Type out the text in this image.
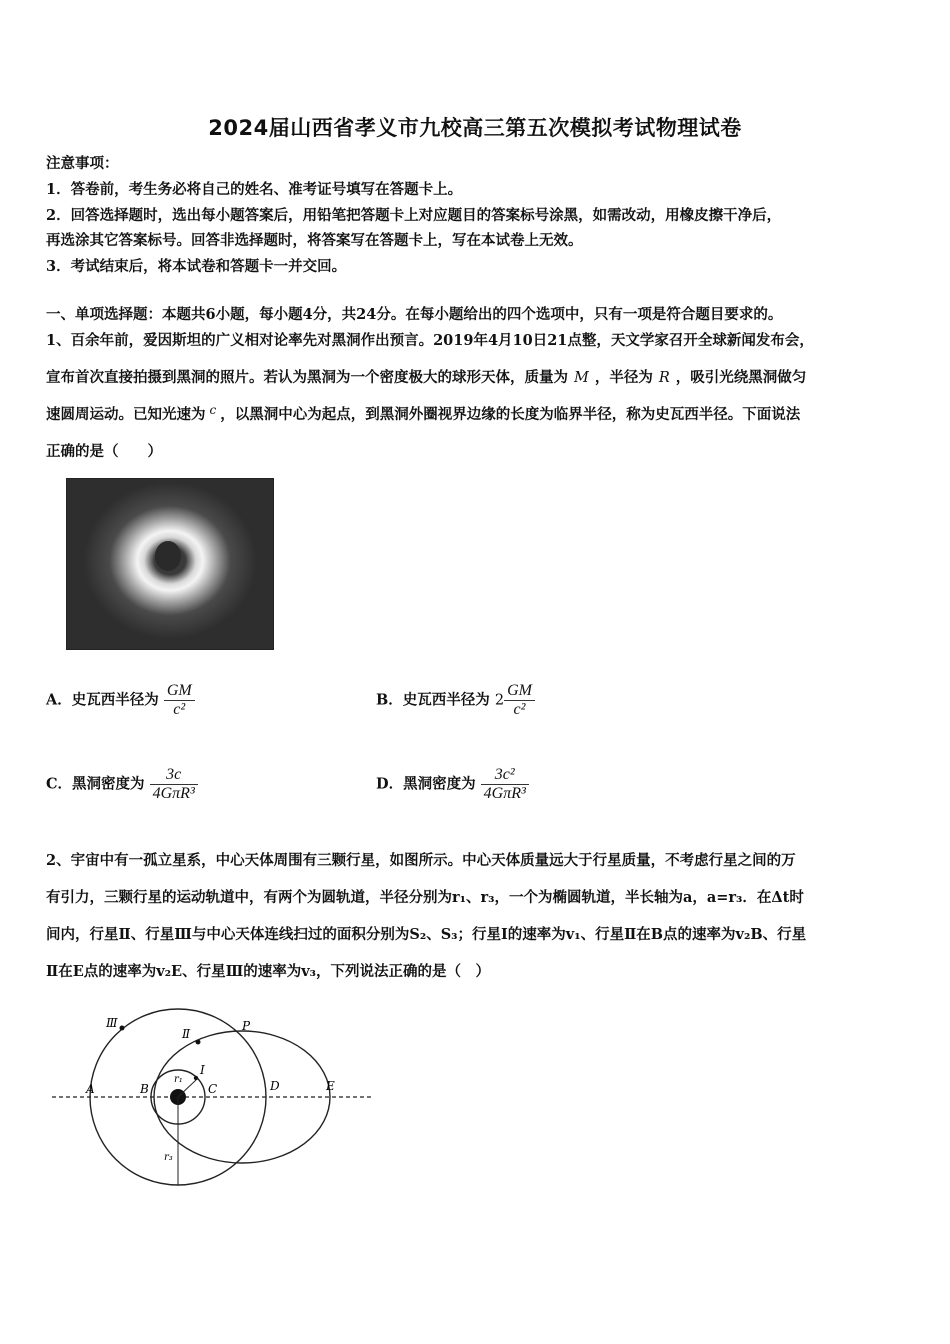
2024届山西省孝义市九校高三第五次模拟考试物理试卷
注意事项：
1．答卷前，考生务必将自己的姓名、准考证号填写在答题卡上。
2．回答选择题时，选出每小题答案后，用铅笔把答题卡上对应题目的答案标号涂黑，如需改动，用橡皮擦干净后，
再选涂其它答案标号。回答非选择题时，将答案写在答题卡上，写在本试卷上无效。
3．考试结束后，将本试卷和答题卡一并交回。
一、单项选择题：本题共6小题，每小题4分，共24分。在每小题给出的四个选项中，只有一项是符合题目要求的。
1、百余年前，爱因斯坦的广义相对论率先对黑洞作出预言。2019年4月10日21点整，天文学家召开全球新闻发布会，
宣布首次直接拍摄到黑洞的照片。若认为黑洞为一个密度极大的球形天体，质量为 M ，半径为 R ，吸引光绕黑洞做匀
速圆周运动。已知光速为 $^c$ ，以黑洞中心为起点，到黑洞外圈视界边缘的长度为临界半径，称为史瓦西半径。下面说法
正确的是（　　）
A．史瓦西半径为 $\frac{GM}{\text{c²}}$	B．史瓦西半径为 $2 \frac{GM}{\text{c²}}$
C．黑洞密度为 $\frac{3c}{\text{4GπR³}}$	D．黑洞密度为 $\frac{\text{3c²}}{\text{4GπR³}}$
2、宇宙中有一孤立星系，中心天体周围有三颗行星，如图所示。中心天体质量远大于行星质量，不考虑行星之间的万
有引力，三颗行星的运动轨道中，有两个为圆轨道，半径分别为r₁、r₃，一个为椭圆轨道，半长轴为a，a=r₃．在Δt时
间内，行星Ⅱ、行星Ⅲ与中心天体连线扫过的面积分别为S₂、S₃；行星Ⅰ的速率为v₁、行星Ⅱ在B点的速率为v₂B、行星
Ⅱ在E点的速率为v₂E、行星Ⅲ的速率为v₃，下列说法正确的是（　）
Ⅲ
Ⅱ
I
P
A	B	C	D	E
r₁
r₃
